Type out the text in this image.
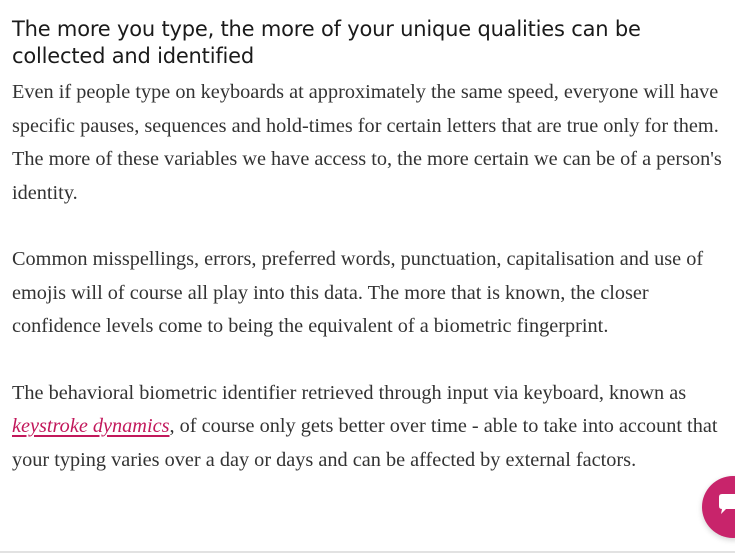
The more you type, the more of your unique qualities can be collected and identified

Even if people type on keyboards at approximately the same speed, everyone will have specific pauses, sequences and hold-times for certain letters that are true only for them. The more of these variables we have access to, the more certain we can be of a person's identity.

Common misspellings, errors, preferred words, punctuation, capitalisation and use of emojis will of course all play into this data. The more that is known, the closer confidence levels come to being the equivalent of a biometric fingerprint.

The behavioral biometric identifier retrieved through input via keyboard, known as keystroke dynamics, of course only gets better over time - able to take into account that your typing varies over a day or days and can be affected by external factors.
